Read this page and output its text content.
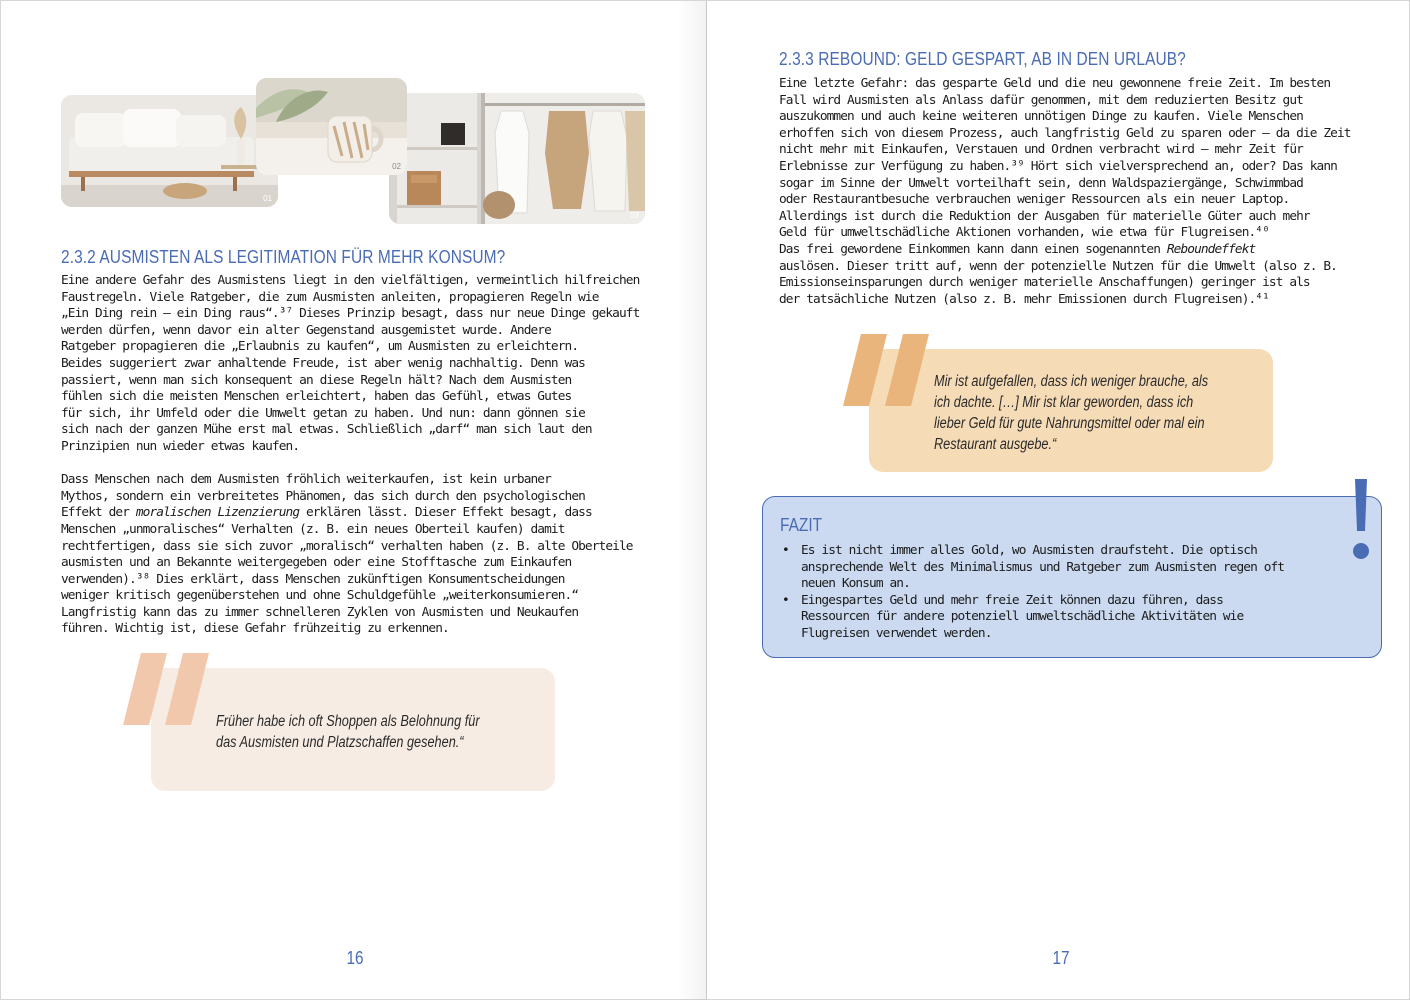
01
03
02
2.3.2 AUSMISTEN ALS LEGITIMATION FÜR MEHR KONSUM?

Eine andere Gefahr des Ausmistens liegt in den vielfältigen, vermeintlich hilfreichen
Faustregeln. Viele Ratgeber, die zum Ausmisten anleiten, propagieren Regeln wie
„Ein Ding rein – ein Ding raus“.³⁷ Dieses Prinzip besagt, dass nur neue Dinge gekauft
werden dürfen, wenn davor ein alter Gegenstand ausgemistet wurde. Andere
Ratgeber propagieren die „Erlaubnis zu kaufen“, um Ausmisten zu erleichtern.
Beides suggeriert zwar anhaltende Freude, ist aber wenig nachhaltig. Denn was
passiert, wenn man sich konsequent an diese Regeln hält? Nach dem Ausmisten
fühlen sich die meisten Menschen erleichtert, haben das Gefühl, etwas Gutes
für sich, ihr Umfeld oder die Umwelt getan zu haben. Und nun: dann gönnen sie
sich nach der ganzen Mühe erst mal etwas. Schließlich „darf“ man sich laut den
Prinzipien nun wieder etwas kaufen.

Dass Menschen nach dem Ausmisten fröhlich weiterkaufen, ist kein urbaner
Mythos, sondern ein verbreitetes Phänomen, das sich durch den psychologischen
Effekt der moralischen Lizenzierung erklären lässt. Dieser Effekt besagt, dass
Menschen „unmoralisches“ Verhalten (z. B. ein neues Oberteil kaufen) damit
rechtfertigen, dass sie sich zuvor „moralisch“ verhalten haben (z. B. alte Oberteile
ausmisten und an Bekannte weitergegeben oder eine Stofftasche zum Einkaufen
verwenden).³⁸ Dies erklärt, dass Menschen zukünftigen Konsumentscheidungen
weniger kritisch gegenüberstehen und ohne Schuldgefühle „weiterkonsumieren.“
Langfristig kann das zu immer schnelleren Zyklen von Ausmisten und Neukaufen
führen. Wichtig ist, diese Gefahr frühzeitig zu erkennen.

Früher habe ich oft Shoppen als Belohnung für
das Ausmisten und Platzschaffen gesehen.“
16
2.3.3 REBOUND: GELD GESPART, AB IN DEN URLAUB?

Eine letzte Gefahr: das gesparte Geld und die neu gewonnene freie Zeit. Im besten
Fall wird Ausmisten als Anlass dafür genommen, mit dem reduzierten Besitz gut
auszukommen und auch keine weiteren unnötigen Dinge zu kaufen. Viele Menschen
erhoffen sich von diesem Prozess, auch langfristig Geld zu sparen oder – da die Zeit
nicht mehr mit Einkaufen, Verstauen und Ordnen verbracht wird – mehr Zeit für
Erlebnisse zur Verfügung zu haben.³⁹ Hört sich vielversprechend an, oder? Das kann
sogar im Sinne der Umwelt vorteilhaft sein, denn Waldspaziergänge, Schwimmbad
oder Restaurantbesuche verbrauchen weniger Ressourcen als ein neuer Laptop.
Allerdings ist durch die Reduktion der Ausgaben für materielle Güter auch mehr
Geld für umweltschädliche Aktionen vorhanden, wie etwa für Flugreisen.⁴⁰

Das frei gewordene Einkommen kann dann einen sogenannten Reboundeffekt
auslösen. Dieser tritt auf, wenn der potenzielle Nutzen für die Umwelt (also z. B.
Emissionseinsparungen durch weniger materielle Anschaffungen) geringer ist als
der tatsächliche Nutzen (also z. B. mehr Emissionen durch Flugreisen).⁴¹

Mir ist aufgefallen, dass ich weniger brauche, als
ich dachte. […] Mir ist klar geworden, dass ich
lieber Geld für gute Nahrungsmittel oder mal ein
Restaurant ausgebe.“
FAZIT
• Es ist nicht immer alles Gold, wo Ausmisten draufsteht. Die optisch
ansprechende Welt des Minimalismus und Ratgeber zum Ausmisten regen oft
neuen Konsum an.
• Eingespartes Geld und mehr freie Zeit können dazu führen, dass
Ressourcen für andere potenziell umweltschädliche Aktivitäten wie
Flugreisen verwendet werden.
17
